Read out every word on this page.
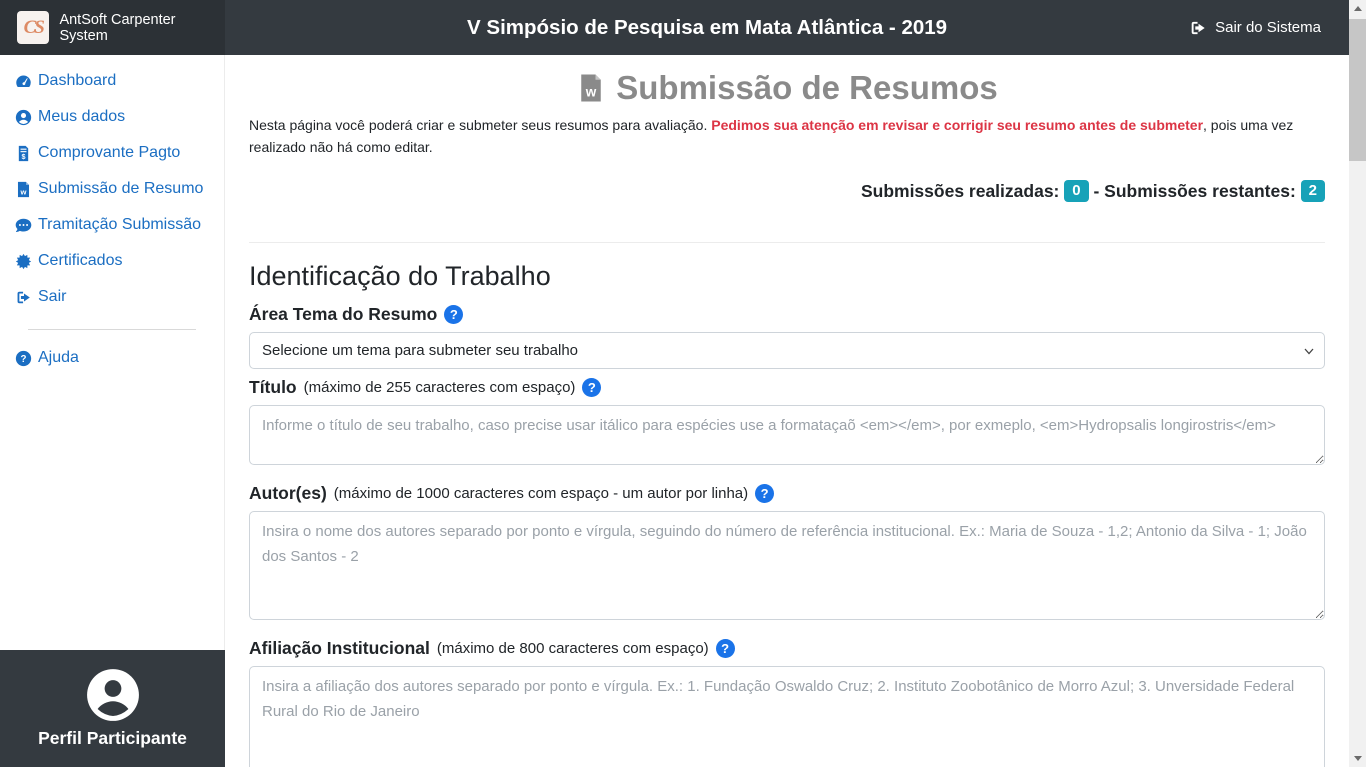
CS AntSoft Carpenter System	V Simpósio de Pesquisa em Mata Atlântica - 2019	Sair do Sistema
Dashboard
Meus dados
$ Comprovante Pagto
w Submissão de Resumo
Tramitação Submissão
Certificados
Sair
? Ajuda
Perfil Participante
w Submissão de Resumos

Nesta página você poderá criar e submeter seus resumos para avaliação. Pedimos sua atenção em revisar e corrigir seu resumo antes de submeter, pois uma vez realizado não há como editar.

Submissões realizadas: 0 - Submissões restantes: 2
Identificação do Trabalho
Área Tema do Resumo ?
Selecione um tema para submeter seu trabalho
Título (máximo de 255 caracteres com espaço) ?
Informe o título de seu trabalho, caso precise usar itálico para espécies use a formataçaõ <em></em>, por exmeplo, <em>Hydropsalis longirostris</em>
Autor(es) (máximo de 1000 caracteres com espaço - um autor por linha) ?
Insira o nome dos autores separado por ponto e vírgula, seguindo do número de referência institucional. Ex.: Maria de Souza - 1,2; Antonio da Silva - 1; João dos Santos - 2
Afiliação Institucional (máximo de 800 caracteres com espaço) ?
Insira a afiliação dos autores separado por ponto e vírgula. Ex.: 1. Fundação Oswaldo Cruz; 2. Instituto Zoobotânico de Morro Azul; 3. Unversidade Federal Rural do Rio de Janeiro
